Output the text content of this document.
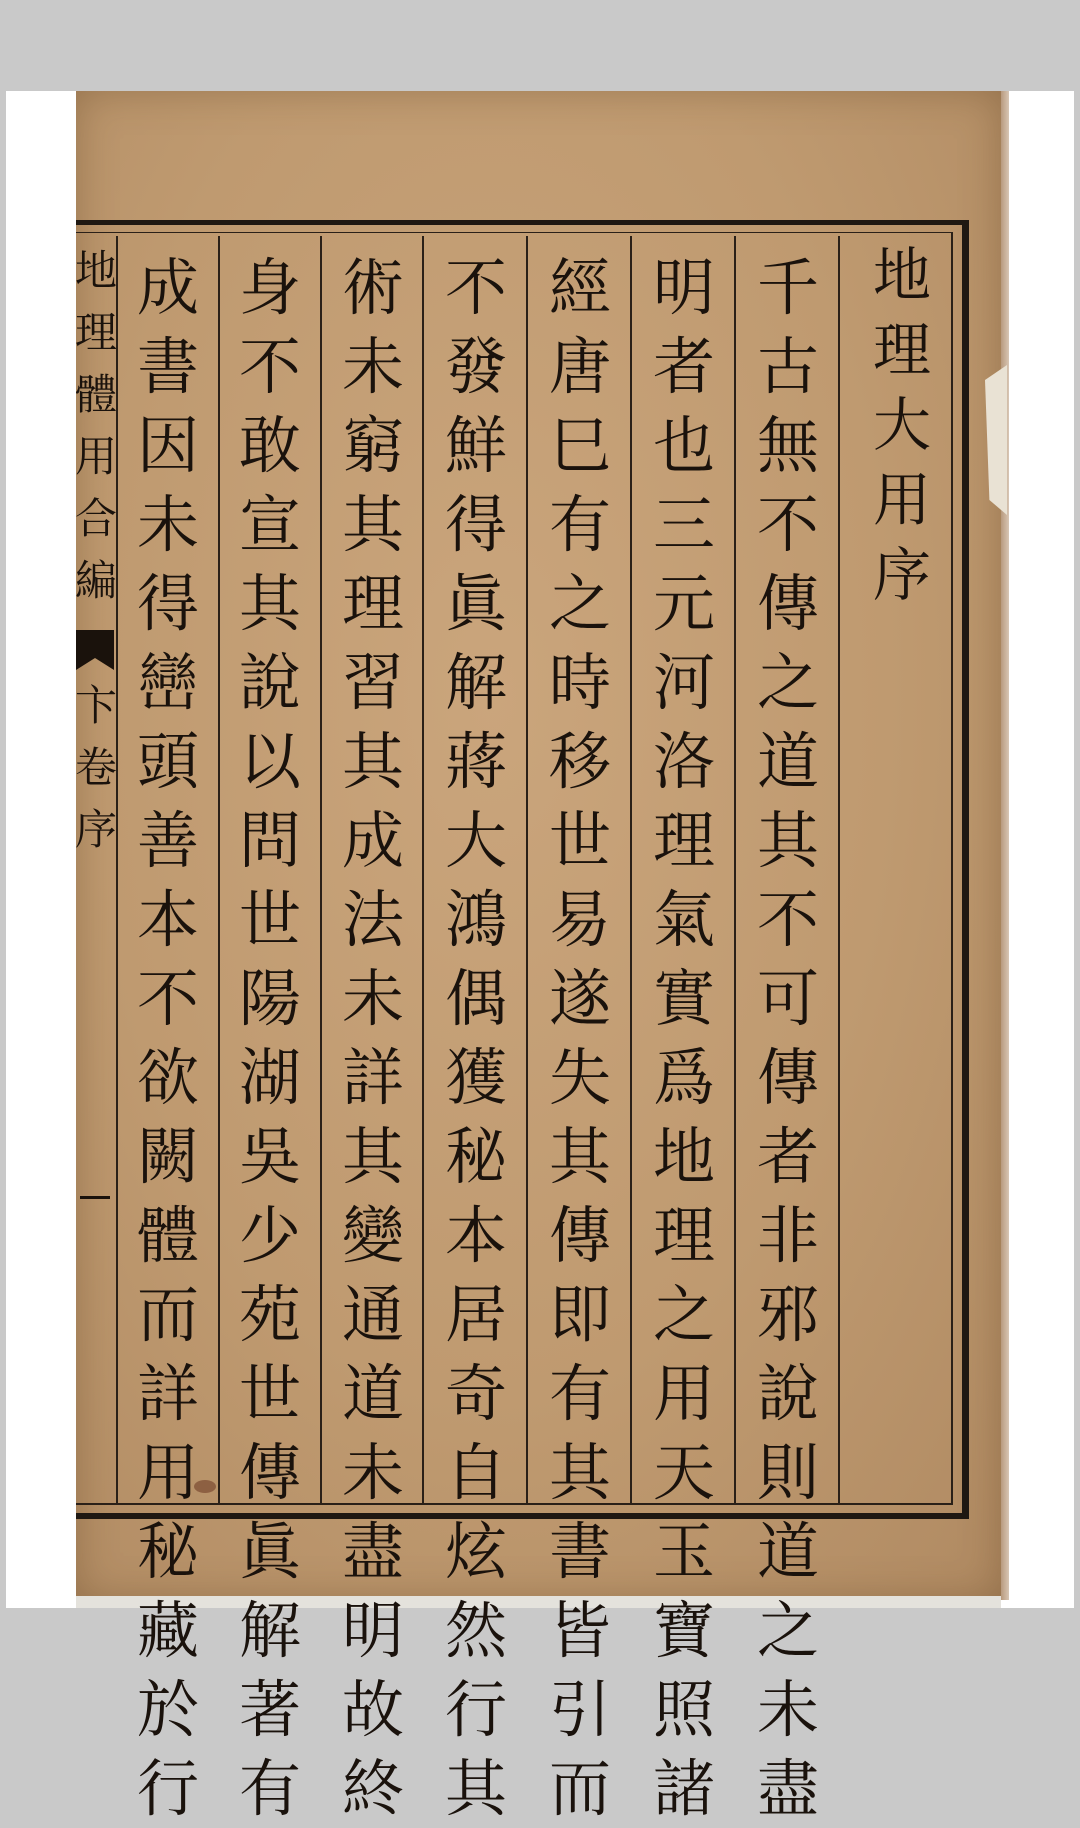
地理大用序
千古無不傳之道其不可傳者非邪說則道之未盡
明者也三元河洛理氣實爲地理之用天玉寶照諸
經唐巳有之時移世易遂失其傳即有其書皆引而
不發鮮得眞解蔣大鴻偶獲秘本居奇自炫然行其
術未窮其理習其成法未詳其變通道未盡明故終
身不敢宣其說以問世陽湖吳少苑世傳眞解著有
成書因未得巒頭善本不欲闕體而詳用秘藏於行
地理體用合編
卞卷序
